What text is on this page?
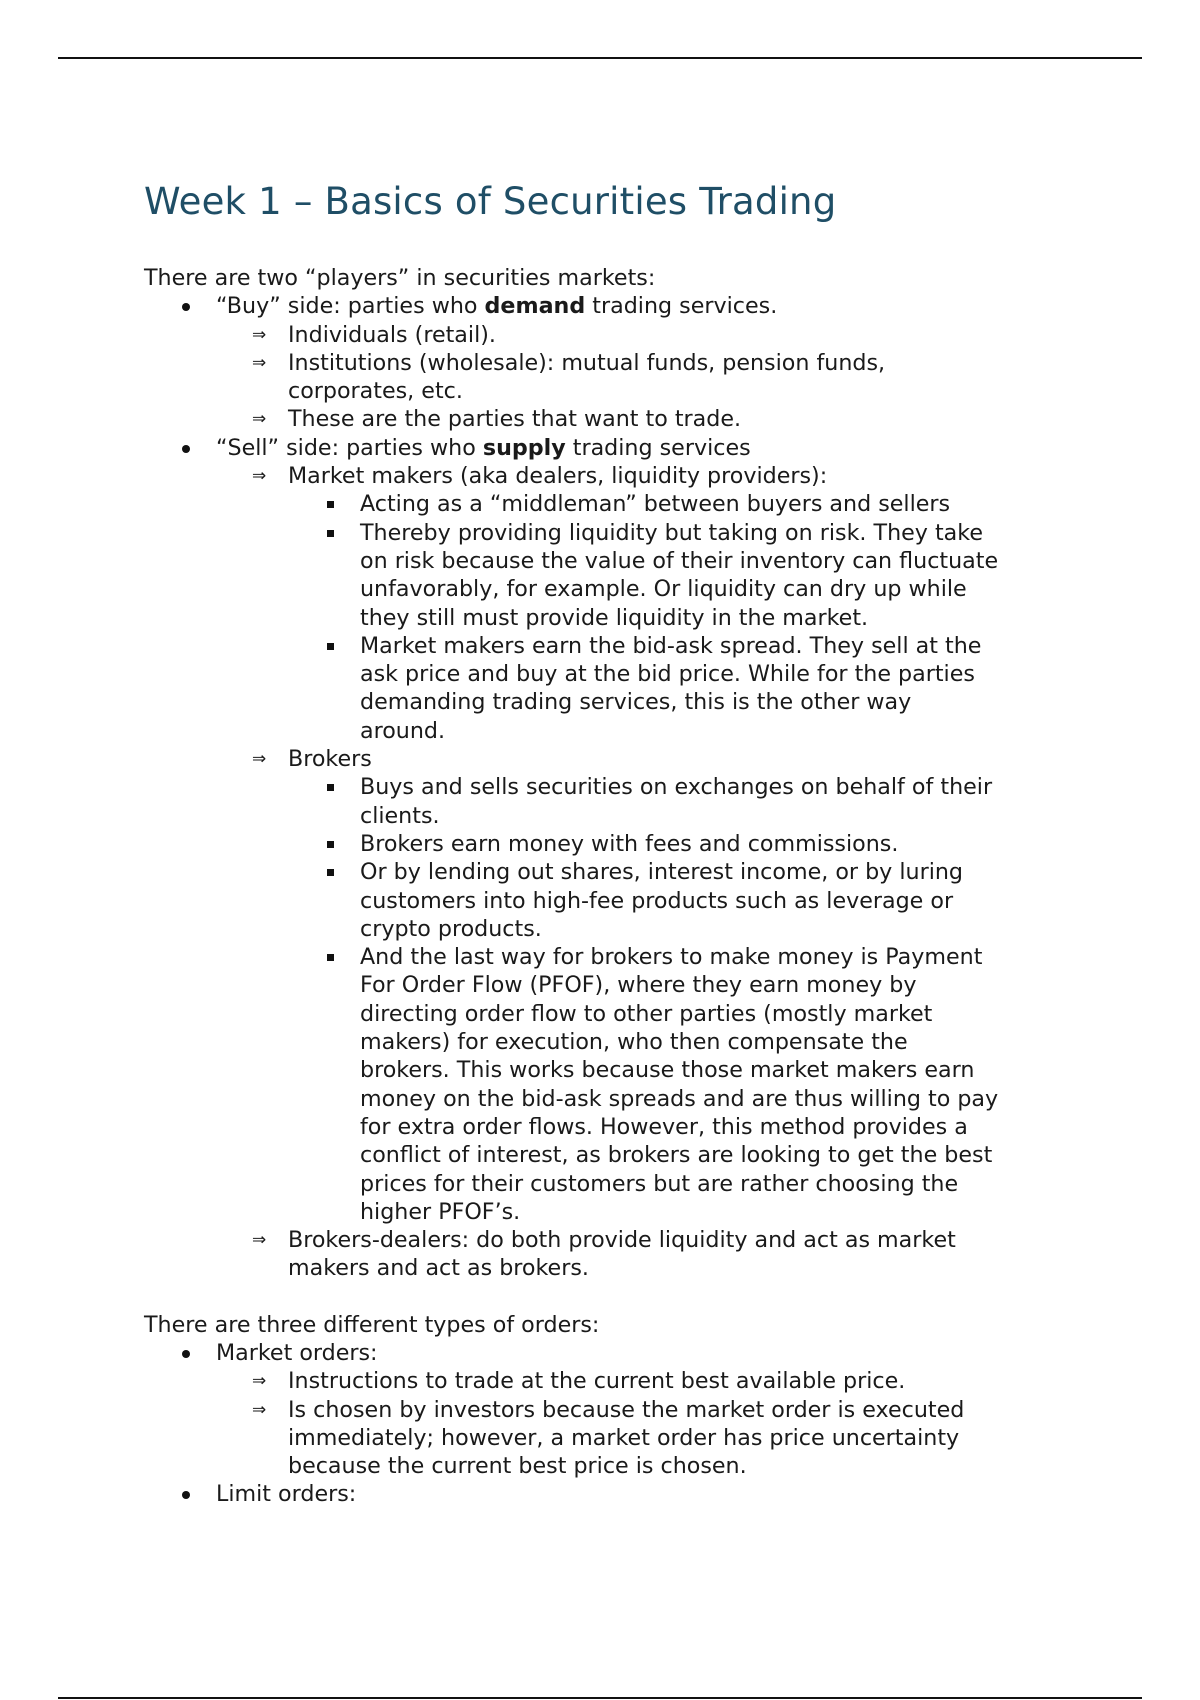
Week 1 – Basics of Securities Trading
There are two “players” in securities markets:
“Buy” side: parties who demand trading services.
⇒ Individuals (retail).
⇒ Institutions (wholesale): mutual funds, pension funds,
corporates, etc.
⇒ These are the parties that want to trade.
“Sell” side: parties who supply trading services
⇒ Market makers (aka dealers, liquidity providers):
Acting as a “middleman” between buyers and sellers
Thereby providing liquidity but taking on risk. They take
on risk because the value of their inventory can fluctuate
unfavorably, for example. Or liquidity can dry up while
they still must provide liquidity in the market.
Market makers earn the bid-ask spread. They sell at the
ask price and buy at the bid price. While for the parties
demanding trading services, this is the other way
around.
⇒ Brokers
Buys and sells securities on exchanges on behalf of their
clients.
Brokers earn money with fees and commissions.
Or by lending out shares, interest income, or by luring
customers into high-fee products such as leverage or
crypto products.
And the last way for brokers to make money is Payment
For Order Flow (PFOF), where they earn money by
directing order flow to other parties (mostly market
makers) for execution, who then compensate the
brokers. This works because those market makers earn
money on the bid-ask spreads and are thus willing to pay
for extra order flows. However, this method provides a
conflict of interest, as brokers are looking to get the best
prices for their customers but are rather choosing the
higher PFOF’s.
⇒ Brokers-dealers: do both provide liquidity and act as market
makers and act as brokers.
There are three different types of orders:
Market orders:
⇒ Instructions to trade at the current best available price.
⇒ Is chosen by investors because the market order is executed
immediately; however, a market order has price uncertainty
because the current best price is chosen.
Limit orders:
